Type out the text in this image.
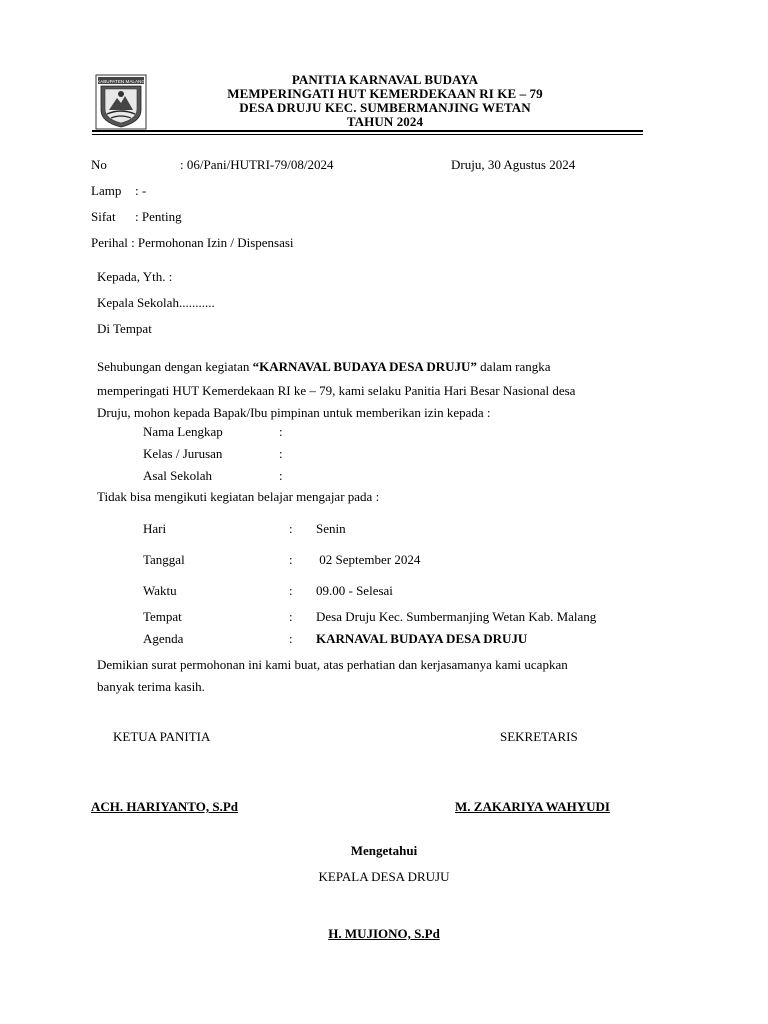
KABUPATEN MALANG	PANITIA KARNAVAL BUDAYA
MEMPERINGATI HUT KEMERDEKAAN RI KE – 79
DESA DRUJU KEC. SUMBERMANJING WETAN
TAHUN 2024
No	: 06/Pani/HUTRI-79/08/2024	Druju, 30 Agustus 2024
Lamp : -
Sifat : Penting
Perihal : Permohonan Izin / Dispensasi
Kepada, Yth. :
Kepala Sekolah...........
Di Tempat
Sehubungan dengan kegiatan “KARNAVAL BUDAYA DESA DRUJU” dalam rangka
memperingati HUT Kemerdekaan RI ke – 79, kami selaku Panitia Hari Besar Nasional desa
Druju, mohon kepada Bapak/Ibu pimpinan untuk memberikan izin kepada :
Nama Lengkap	:
Kelas / Jurusan	:
Asal Sekolah	:
Tidak bisa mengikuti kegiatan belajar mengajar pada :
Hari	: Senin
Tanggal	: 02 September 2024
Waktu	: 09.00 - Selesai
Tempat	: Desa Druju Kec. Sumbermanjing Wetan Kab. Malang
Agenda	: KARNAVAL BUDAYA DESA DRUJU
Demikian surat permohonan ini kami buat, atas perhatian dan kerjasamanya kami ucapkan
banyak terima kasih.
KETUA PANITIA	SEKRETARIS
ACH. HARIYANTO, S.Pd	M. ZAKARIYA WAHYUDI
Mengetahui
KEPALA DESA DRUJU
H. MUJIONO, S.Pd
